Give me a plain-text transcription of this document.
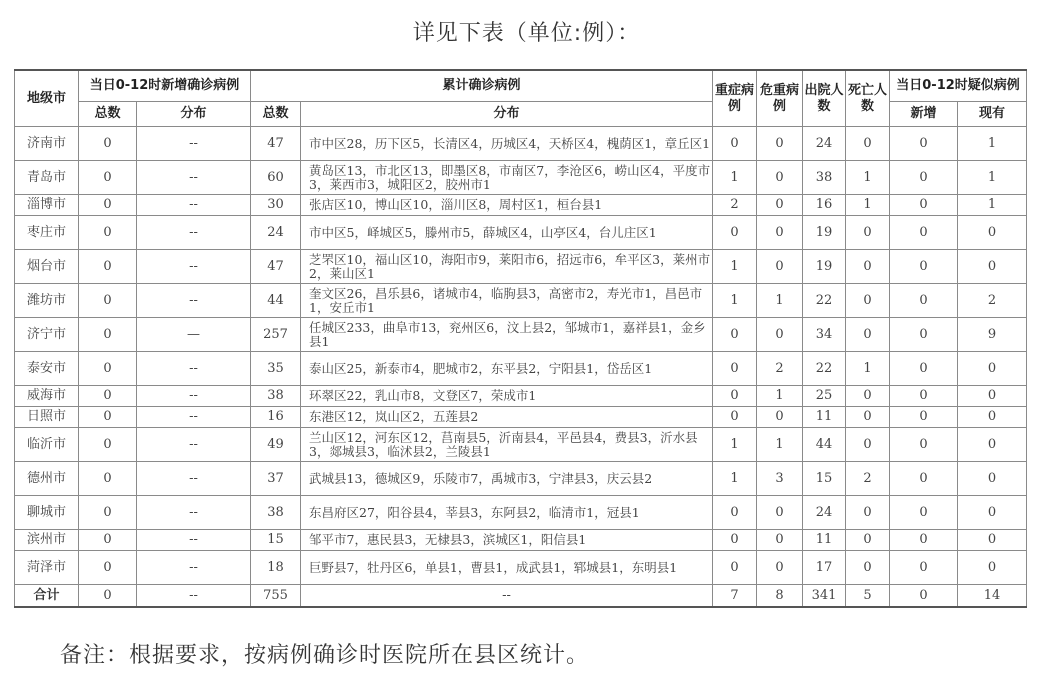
详见下表（单位:例）：
地级市	当日0-12时新增确诊病例		累计确诊病例		重症病例	危重病例	出院人数	死亡人数	当日0-12时疑似病例	
	总数	分布	总数	分布					新增	现有
济南市	0	--	47	市中区28，历下区5，长清区4，历城区4，天桥区4，槐荫区1，章丘区1	0	0	24	0	0	1
青岛市	0	--	60	黄岛区13，市北区13，即墨区8，市南区7，李沧区6，崂山区4，平度市3，莱西市3，城阳区2，胶州市1	1	0	38	1	0	1
淄博市	0	--	30	张店区10，博山区10，淄川区8，周村区1，桓台县1	2	0	16	1	0	1
枣庄市	0	--	24	市中区5，峄城区5，滕州市5，薛城区4，山亭区4，台儿庄区1	0	0	19	0	0	0
烟台市	0	--	47	芝罘区10，福山区10，海阳市9，莱阳市6，招远市6，牟平区3，莱州市2，莱山区1	1	0	19	0	0	0
潍坊市	0	--	44	奎文区26，昌乐县6，诸城市4，临朐县3，高密市2，寿光市1，昌邑市1，安丘市1	1	1	22	0	0	2
济宁市	0	—	257	任城区233，曲阜市13，兖州区6，汶上县2，邹城市1，嘉祥县1，金乡县1	0	0	34	0	0	9
泰安市	0	--	35	泰山区25，新泰市4，肥城市2，东平县2，宁阳县1，岱岳区1	0	2	22	1	0	0
威海市	0	--	38	环翠区22，乳山市8，文登区7，荣成市1	0	1	25	0	0	0
日照市	0	--	16	东港区12，岚山区2，五莲县2	0	0	11	0	0	0
临沂市	0	--	49	兰山区12，河东区12，莒南县5，沂南县4，平邑县4，费县3，沂水县3，郯城县3，临沭县2，兰陵县1	1	1	44	0	0	0
德州市	0	--	37	武城县13，德城区9，乐陵市7，禹城市3，宁津县3，庆云县2	1	3	15	2	0	0
聊城市	0	--	38	东昌府区27，阳谷县4，莘县3，东阿县2，临清市1，冠县1	0	0	24	0	0	0
滨州市	0	--	15	邹平市7，惠民县3，无棣县3，滨城区1，阳信县1	0	0	11	0	0	0
菏泽市	0	--	18	巨野县7，牡丹区6，单县1，曹县1，成武县1，郓城县1，东明县1	0	0	17	0	0	0
合计	0	--	755	--	7	8	341	5	0	14
备注：根据要求，按病例确诊时医院所在县区统计。
